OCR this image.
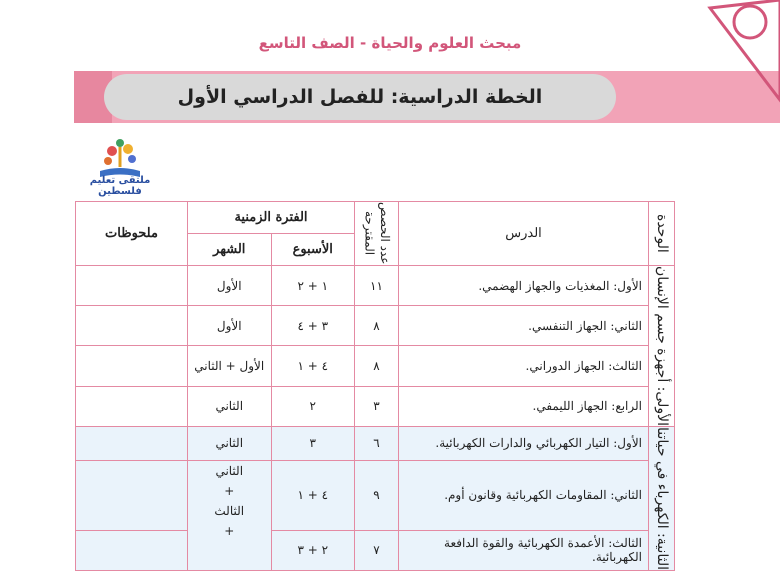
مبحث العلوم والحياة - الصف التاسع
الخطة الدراسية: للفصل الدراسي الأول
ملتقى تعليم فلسطين
الوحدة	الدرس	عدد الحصص المقترحة	الفترة الزمنية		ملحوظات
			الأسبوع	الشهر	

الأولى: أجهزة جسم الإنسان	الأول: المغذيات والجهاز الهضمي.	١١	١ + ٢	الأول	
	الثاني: الجهاز التنفسي.	٨	٣ + ٤	الأول	
	الثالث: الجهاز الدوراني.	٨	٤ + ١	الأول + الثاني	
	الرابع: الجهاز الليمفي.	٣	٢	الثاني	

الثانية: الكهرباء في حياتنا	الأول: التيار الكهربائي والدارات الكهربائية.	٦	٣	الثاني	
	الثاني: المقاومات الكهربائية وقانون أوم.	٩	٤ + ١	الثاني
+
الثالث
+	

	الثالث: الأعمدة الكهربائية والقوة الدافعة الكهربائية.	٧	٢ + ٣		
